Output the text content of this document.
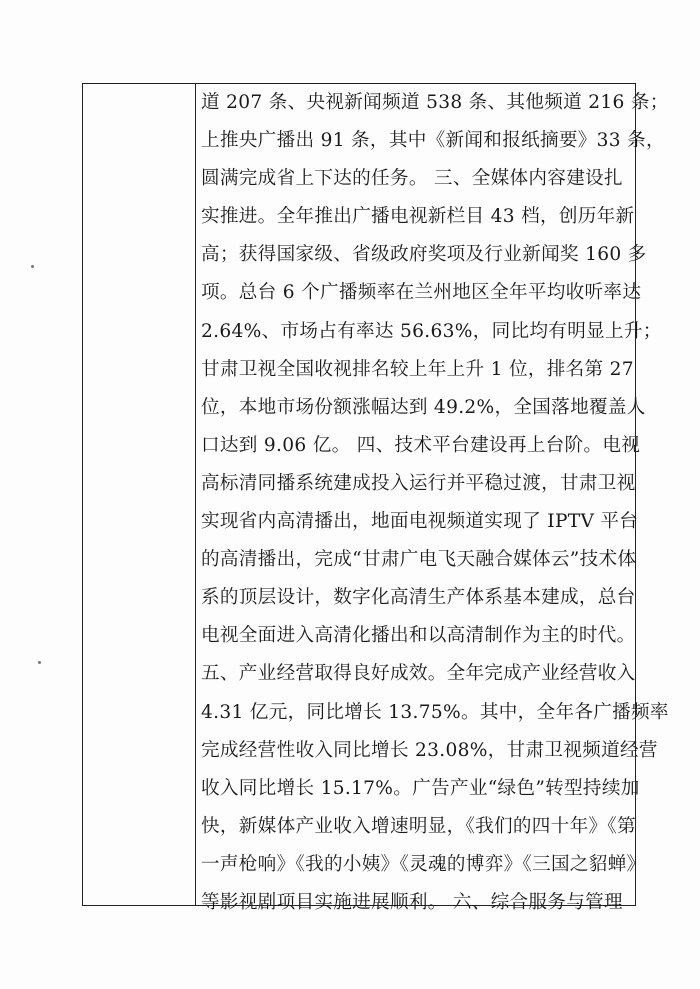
道 207 条、央视新闻频道 538 条、其他频道 216 条；
上推央广播出 91 条，其中《新闻和报纸摘要》33 条，
圆满完成省上下达的任务。 三、全媒体内容建设扎
实推进。全年推出广播电视新栏目 43 档，创历年新
高；获得国家级、省级政府奖项及行业新闻奖 160 多
项。总台 6 个广播频率在兰州地区全年平均收听率达
2.64%、市场占有率达 56.63%，同比均有明显上升；
甘肃卫视全国收视排名较上年上升 1 位，排名第 27
位，本地市场份额涨幅达到 49.2%，全国落地覆盖人
口达到 9.06 亿。 四、技术平台建设再上台阶。电视
高标清同播系统建成投入运行并平稳过渡，甘肃卫视
实现省内高清播出，地面电视频道实现了 IPTV 平台
的高清播出，完成“甘肃广电飞天融合媒体云”技术体
系的顶层设计，数字化高清生产体系基本建成，总台
电视全面进入高清化播出和以高清制作为主的时代。
五、产业经营取得良好成效。全年完成产业经营收入
4.31 亿元，同比增长 13.75%。其中，全年各广播频率
完成经营性收入同比增长 23.08%，甘肃卫视频道经营
收入同比增长 15.17%。广告产业“绿色”转型持续加
快，新媒体产业收入增速明显，《我们的四十年》《第
一声枪响》《我的小姨》《灵魂的博弈》《三国之貂蝉》
等影视剧项目实施进展顺利。 六、综合服务与管理
